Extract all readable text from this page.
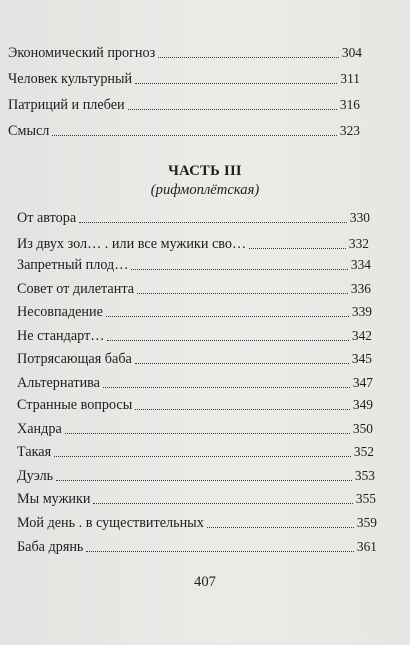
Экономический прогноз	304
Человек культурный	311
Патриций и плебеи	316
Смысл	323
ЧАСТЬ III
(рифмоплётская)
От автора	330
Из двух зол… . или все мужики сво…	332
Запретный плод…	334
Совет от дилетанта	336
Несовпадение	339
Не стандарт…	342
Потрясающая баба	345
Альтернатива	347
Странные вопросы	349
Хандра	350
Такая	352
Дуэль	353
Мы мужики	355
Мой день . в существительных	359
Баба дрянь	361
407
